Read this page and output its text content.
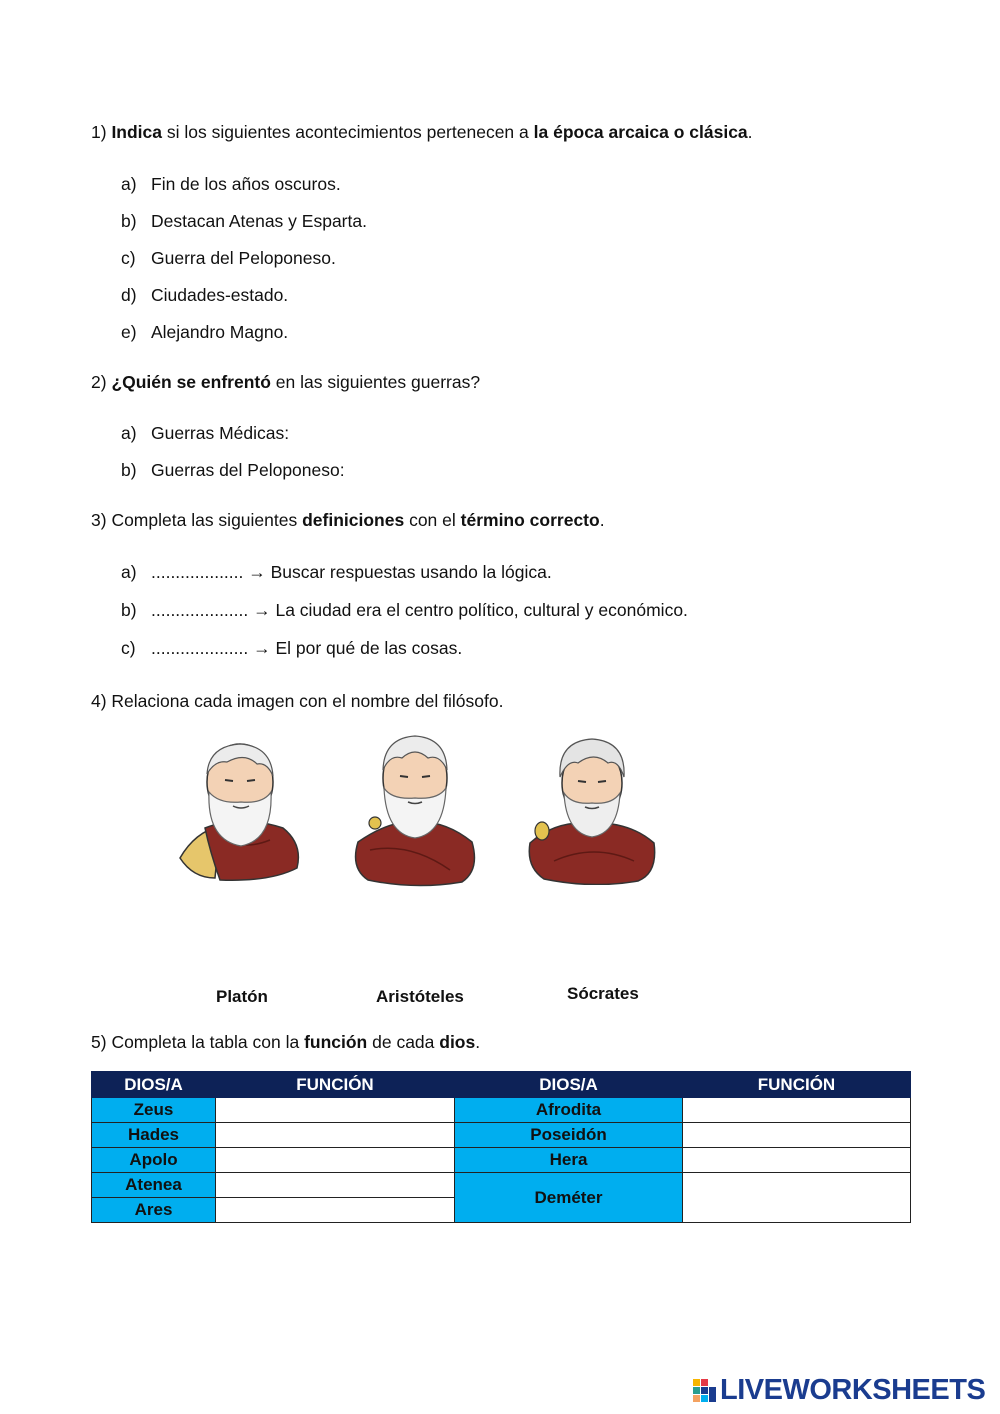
1) Indica si los siguientes acontecimientos pertenecen a la época arcaica o clásica.
a) Fin de los años oscuros.
b) Destacan Atenas y Esparta.
c) Guerra del Peloponeso.
d) Ciudades-estado.
e) Alejandro Magno.
2) ¿Quién se enfrentó en las siguientes guerras?
a) Guerras Médicas:
b) Guerras del Peloponeso:
3) Completa las siguientes definiciones con el término correcto.
a) ................... → Buscar respuestas usando la lógica.
b) .................... → La ciudad era el centro político, cultural y económico.
c) .................... → El por qué de las cosas.
4) Relaciona cada imagen con el nombre del filósofo.
Platón	Aristóteles	Sócrates
5) Completa la tabla con la función de cada dios.
DIOS/A	FUNCIÓN	DIOS/A	FUNCIÓN
Zeus		Afrodita	
Hades		Poseidón	
Apolo		Hera	
Atenea		Deméter	
Ares			
LIVEWORKSHEETS
